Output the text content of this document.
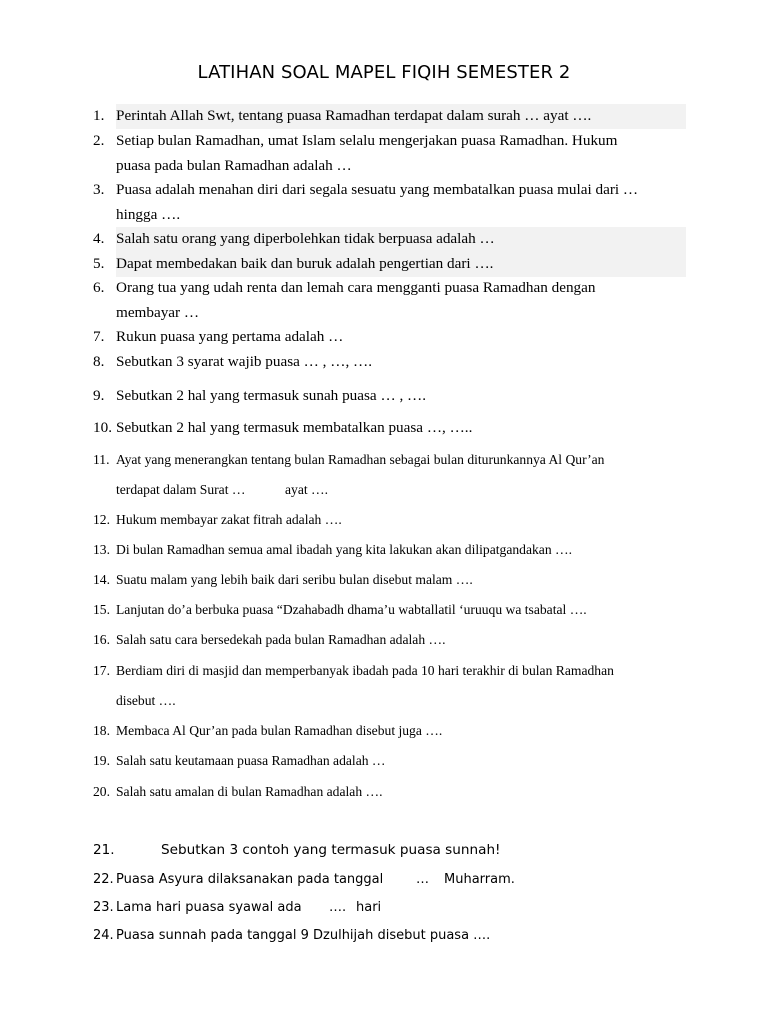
LATIHAN SOAL MAPEL FIQIH SEMESTER 2
1. Perintah Allah Swt, tentang puasa Ramadhan terdapat dalam surah … ayat ….
2. Setiap bulan Ramadhan, umat Islam selalu mengerjakan puasa Ramadhan. Hukum
puasa pada bulan Ramadhan adalah …
3. Puasa adalah menahan diri dari segala sesuatu yang membatalkan puasa mulai dari …
hingga ….
4. Salah satu orang yang diperbolehkan tidak berpuasa adalah …
5. Dapat membedakan baik dan buruk adalah pengertian dari ….
6. Orang tua yang udah renta dan lemah cara mengganti puasa Ramadhan dengan
membayar …
7. Rukun puasa yang pertama adalah …
8. Sebutkan 3 syarat wajib puasa … , …, ….
9. Sebutkan 2 hal yang termasuk sunah puasa … , ….
10. Sebutkan 2 hal yang termasuk membatalkan puasa …, …..
11. Ayat yang menerangkan tentang bulan Ramadhan sebagai bulan diturunkannya Al Qur’an
terdapat dalam Surat …	ayat ….
12. Hukum membayar zakat fitrah adalah ….
13. Di bulan Ramadhan semua amal ibadah yang kita lakukan akan dilipatgandakan ….
14. Suatu malam yang lebih baik dari seribu bulan disebut malam ….
15. Lanjutan do’a berbuka puasa “Dzahabadh dhama’u wabtallatil ‘uruuqu wa tsabatal ….
16. Salah satu cara bersedekah pada bulan Ramadhan adalah ….
17. Berdiam diri di masjid dan memperbanyak ibadah pada 10 hari terakhir di bulan Ramadhan
disebut ….
18. Membaca Al Qur’an pada bulan Ramadhan disebut juga ….
19. Salah satu keutamaan puasa Ramadhan adalah …
20. Salah satu amalan di bulan Ramadhan adalah ….
21.	Sebutkan 3 contoh yang termasuk puasa sunnah!
22. Puasa Asyura dilaksanakan pada tanggal	…	Muharram.
23. Lama hari puasa syawal ada	…. hari
24. Puasa sunnah pada tanggal 9 Dzulhijah disebut puasa ….
